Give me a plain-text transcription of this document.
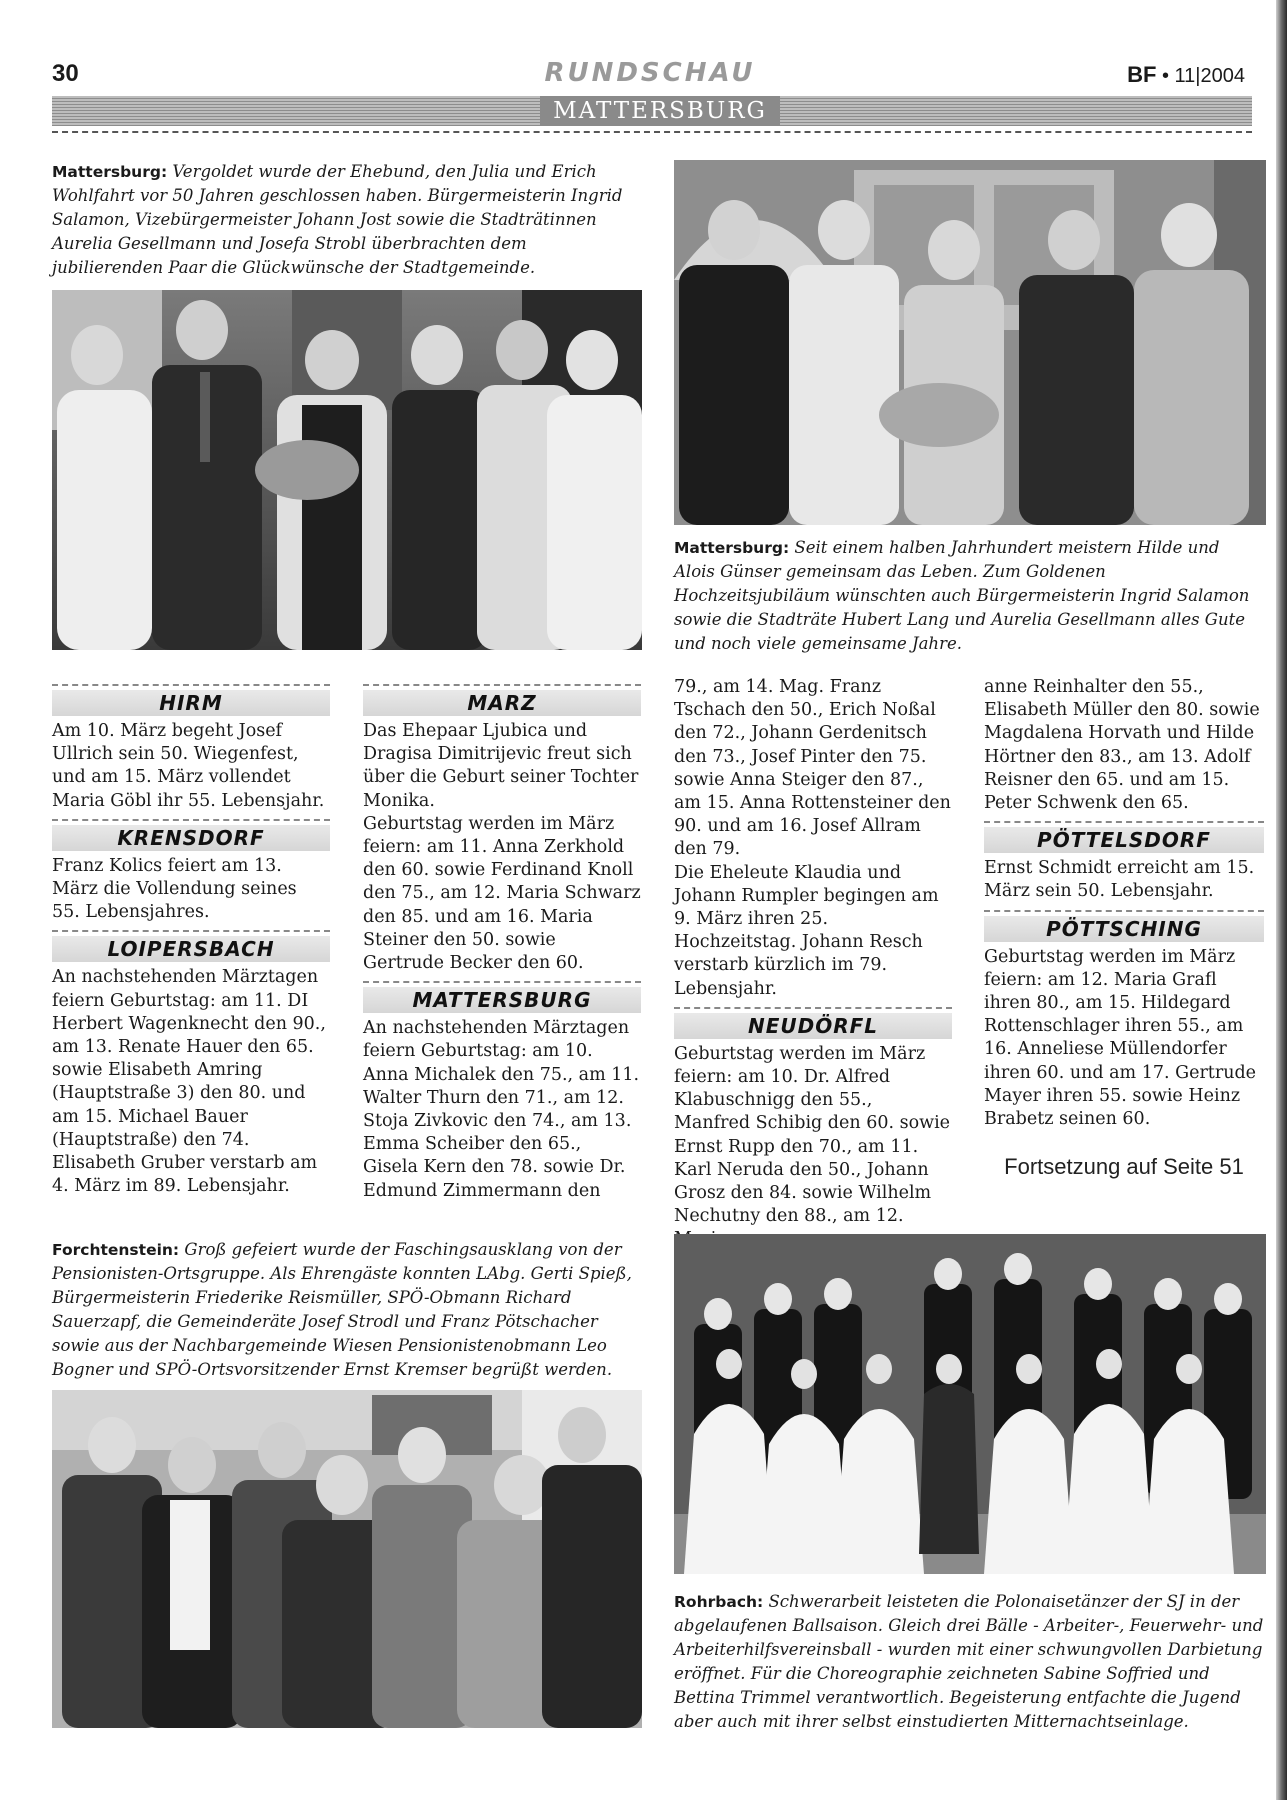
30	RUNDSCHAU	BF • 11|2004
MATTERSBURG
Mattersburg: Vergoldet wurde der Ehebund, den Julia und Erich Wohlfahrt vor 50 Jahren geschlossen haben. Bürgermeisterin Ingrid Salamon, Vizebürgermeister Johann Jost sowie die Stadträtinnen Aurelia Gesellmann und Josefa Strobl überbrachten dem jubilierenden Paar die Glückwünsche der Stadtgemeinde.
Mattersburg: Seit einem halben Jahrhundert meistern Hilde und Alois Günser gemeinsam das Leben. Zum Goldenen Hochzeitsjubiläum wünschten auch Bürgermeisterin Ingrid Salamon sowie die Stadträte Hubert Lang und Aurelia Gesellmann alles Gute und noch viele gemeinsame Jahre.
HIRM

Am 10. März begeht Josef Ullrich sein 50. Wiegenfest, und am 15. März vollendet Maria Göbl ihr 55. Lebensjahr.

KRENSDORF

Franz Kolics feiert am 13. März die Vollendung seines 55. Lebensjahres.

LOIPERSBACH

An nachstehenden Märztagen feiern Geburtstag: am 11. DI Herbert Wagenknecht den 90., am 13. Renate Hauer den 65. sowie Elisabeth Amring (Hauptstraße 3) den 80. und am 15. Michael Bauer (Hauptstraße) den 74.

Elisabeth Gruber verstarb am 4. März im 89. Lebensjahr.

MARZ

Das Ehepaar Ljubica und Dragisa Dimitrijevic freut sich über die Geburt seiner Tochter Monika.

Geburtstag werden im März feiern: am 11. Anna Zerkhold den 60. sowie Ferdinand Knoll den 75., am 12. Maria Schwarz den 85. und am 16. Maria Steiner den 50. sowie Gertrude Becker den 60.

MATTERSBURG

An nachstehenden Märztagen feiern Geburtstag: am 10. Anna Michalek den 75., am 11. Walter Thurn den 71., am 12. Stoja Zivkovic den 74., am 13. Emma Scheiber den 65., Gisela Kern den 78. sowie Dr. Edmund Zimmermann den

79., am 14. Mag. Franz Tschach den 50., Erich Noßal den 72., Johann Gerdenitsch den 73., Josef Pinter den 75. sowie Anna Steiger den 87., am 15. Anna Rottensteiner den 90. und am 16. Josef Allram den 79.

Die Eheleute Klaudia und Johann Rumpler begingen am 9. März ihren 25. Hochzeitstag. Johann Resch verstarb kürzlich im 79. Lebensjahr.

NEUDÖRFL

Geburtstag werden im März feiern: am 10. Dr. Alfred Klabuschnigg den 55., Manfred Schibig den 60. sowie Ernst Rupp den 70., am 11. Karl Neruda den 50., Johann Grosz den 84. sowie Wilhelm Nechutny den 88., am 12.

anne Reinhalter den 55., Elisabeth Müller den 80. sowie Magdalena Horvath und Hilde Hörtner den 83., am 13. Adolf Reisner den 65. und am 15. Peter Schwenk den 65.

PÖTTELSDORF

Ernst Schmidt erreicht am 15. März sein 50. Lebensjahr.

PÖTTSCHING

Geburtstag werden im März feiern: am 12. Maria Grafl ihren 80., am 15. Hildegard Rottenschlager ihren 55., am 16. Anneliese Müllendorfer ihren 60. und am 17. Gertrude Mayer ihren 55. sowie Heinz Brabetz seinen 60.

Fortsetzung auf Seite 51
Forchtenstein: Groß gefeiert wurde der Faschingsausklang von der Pensionisten-Ortsgruppe. Als Ehrengäste konnten LAbg. Gerti Spieß, Bürgermeisterin Friederike Reismüller, SPÖ-Obmann Richard Sauerzapf, die Gemeinderäte Josef Strodl und Franz Pötschacher sowie aus der Nachbargemeinde Wiesen Pensionistenobmann Leo Bogner und SPÖ-Ortsvorsitzender Ernst Kremser begrüßt werden.
Rohrbach: Schwerarbeit leisteten die Polonaisetänzer der SJ in der abgelaufenen Ballsaison. Gleich drei Bälle - Arbeiter-, Feuerwehr- und Arbeiterhilfsvereinsball - wurden mit einer schwungvollen Darbietung eröffnet. Für die Choreographie zeichneten Sabine Soffried und Bettina Trimmel verantwortlich. Begeisterung entfachte die Jugend aber auch mit ihrer selbst einstudierten Mitternachtseinlage.
